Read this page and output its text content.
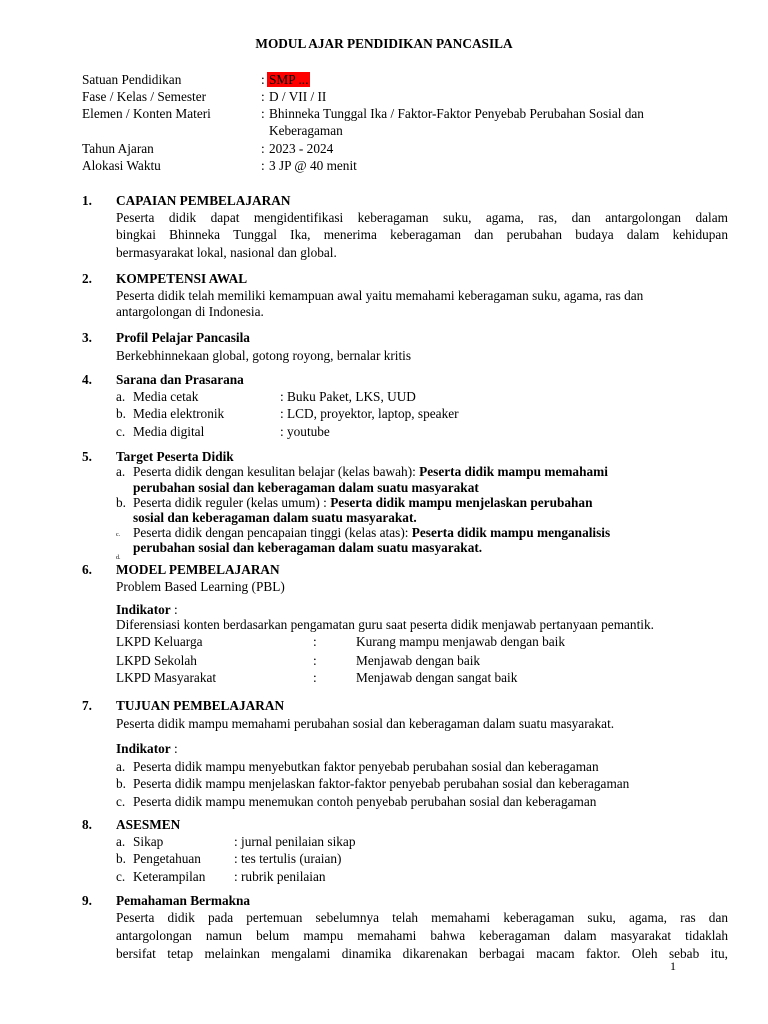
MODUL AJAR PENDIDIKAN PANCASILA
Satuan Pendidikan	: SMP ...
Fase / Kelas / Semester	: D / VII / II
Elemen / Konten Materi	: Bhinneka Tunggal Ika / Faktor-Faktor Penyebab Perubahan Sosial dan
Keberagaman
Tahun Ajaran	: 2023 - 2024
Alokasi Waktu	: 3 JP @ 40 menit
1. CAPAIAN PEMBELAJARAN
Peserta didik dapat mengidentifikasi keberagaman suku, agama, ras, dan antargolongan dalam
bingkai Bhinneka Tunggal Ika, menerima keberagaman dan perubahan budaya dalam kehidupan
bermasyarakat lokal, nasional dan global.
2. KOMPETENSI AWAL
Peserta didik telah memiliki kemampuan awal yaitu memahami keberagaman suku, agama, ras dan
antargolongan di Indonesia.
3. Profil Pelajar Pancasila
Berkebhinnekaan global, gotong royong, bernalar kritis
4. Sarana dan Prasarana
a. Media cetak	: Buku Paket, LKS, UUD
b. Media elektronik	: LCD, proyektor, laptop, speaker
c. Media digital	: youtube
5. Target Peserta Didik
a. Peserta didik dengan kesulitan belajar (kelas bawah): Peserta didik mampu memahami
perubahan sosial dan keberagaman dalam suatu masyarakat
b. Peserta didik reguler (kelas umum) : Peserta didik mampu menjelaskan perubahan
sosial dan keberagaman dalam suatu masyarakat.
c. Peserta didik dengan pencapaian tinggi (kelas atas): Peserta didik mampu menganalisis
perubahan sosial dan keberagaman dalam suatu masyarakat.
d.
6. MODEL PEMBELAJARAN
Problem Based Learning (PBL)
Indikator :
Diferensiasi konten berdasarkan pengamatan guru saat peserta didik menjawab pertanyaan pemantik.
LKPD Keluarga	:	Kurang mampu menjawab dengan baik
LKPD Sekolah	:	Menjawab dengan baik
LKPD Masyarakat	:	Menjawab dengan sangat baik
7. TUJUAN PEMBELAJARAN
Peserta didik mampu memahami perubahan sosial dan keberagaman dalam suatu masyarakat.
Indikator :
a. Peserta didik mampu menyebutkan faktor penyebab perubahan sosial dan keberagaman
b. Peserta didik mampu menjelaskan faktor-faktor penyebab perubahan sosial dan keberagaman
c. Peserta didik mampu menemukan contoh penyebab perubahan sosial dan keberagaman
8. ASESMEN
a. Sikap	: jurnal penilaian sikap
b. Pengetahuan : tes tertulis (uraian)
c. Keterampilan : rubrik penilaian
9. Pemahaman Bermakna
Peserta didik pada pertemuan sebelumnya telah memahami keberagaman suku, agama, ras dan
antargolongan namun belum mampu memahami bahwa keberagaman dalam masyarakat tidaklah
bersifat tetap melainkan mengalami dinamika dikarenakan berbagai macam faktor. Oleh sebab itu,
1
